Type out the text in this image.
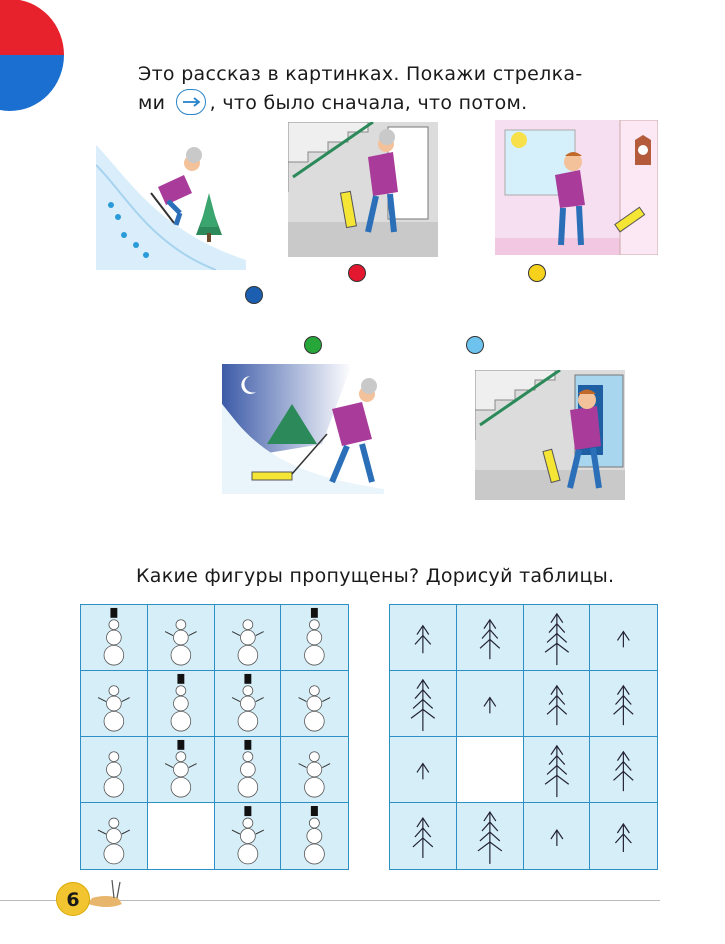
Это рассказ в картинках. Покажи стрелка-
ми , что было сначала, что потом.
Какие фигуры пропущены? Дорисуй таблицы.
6
